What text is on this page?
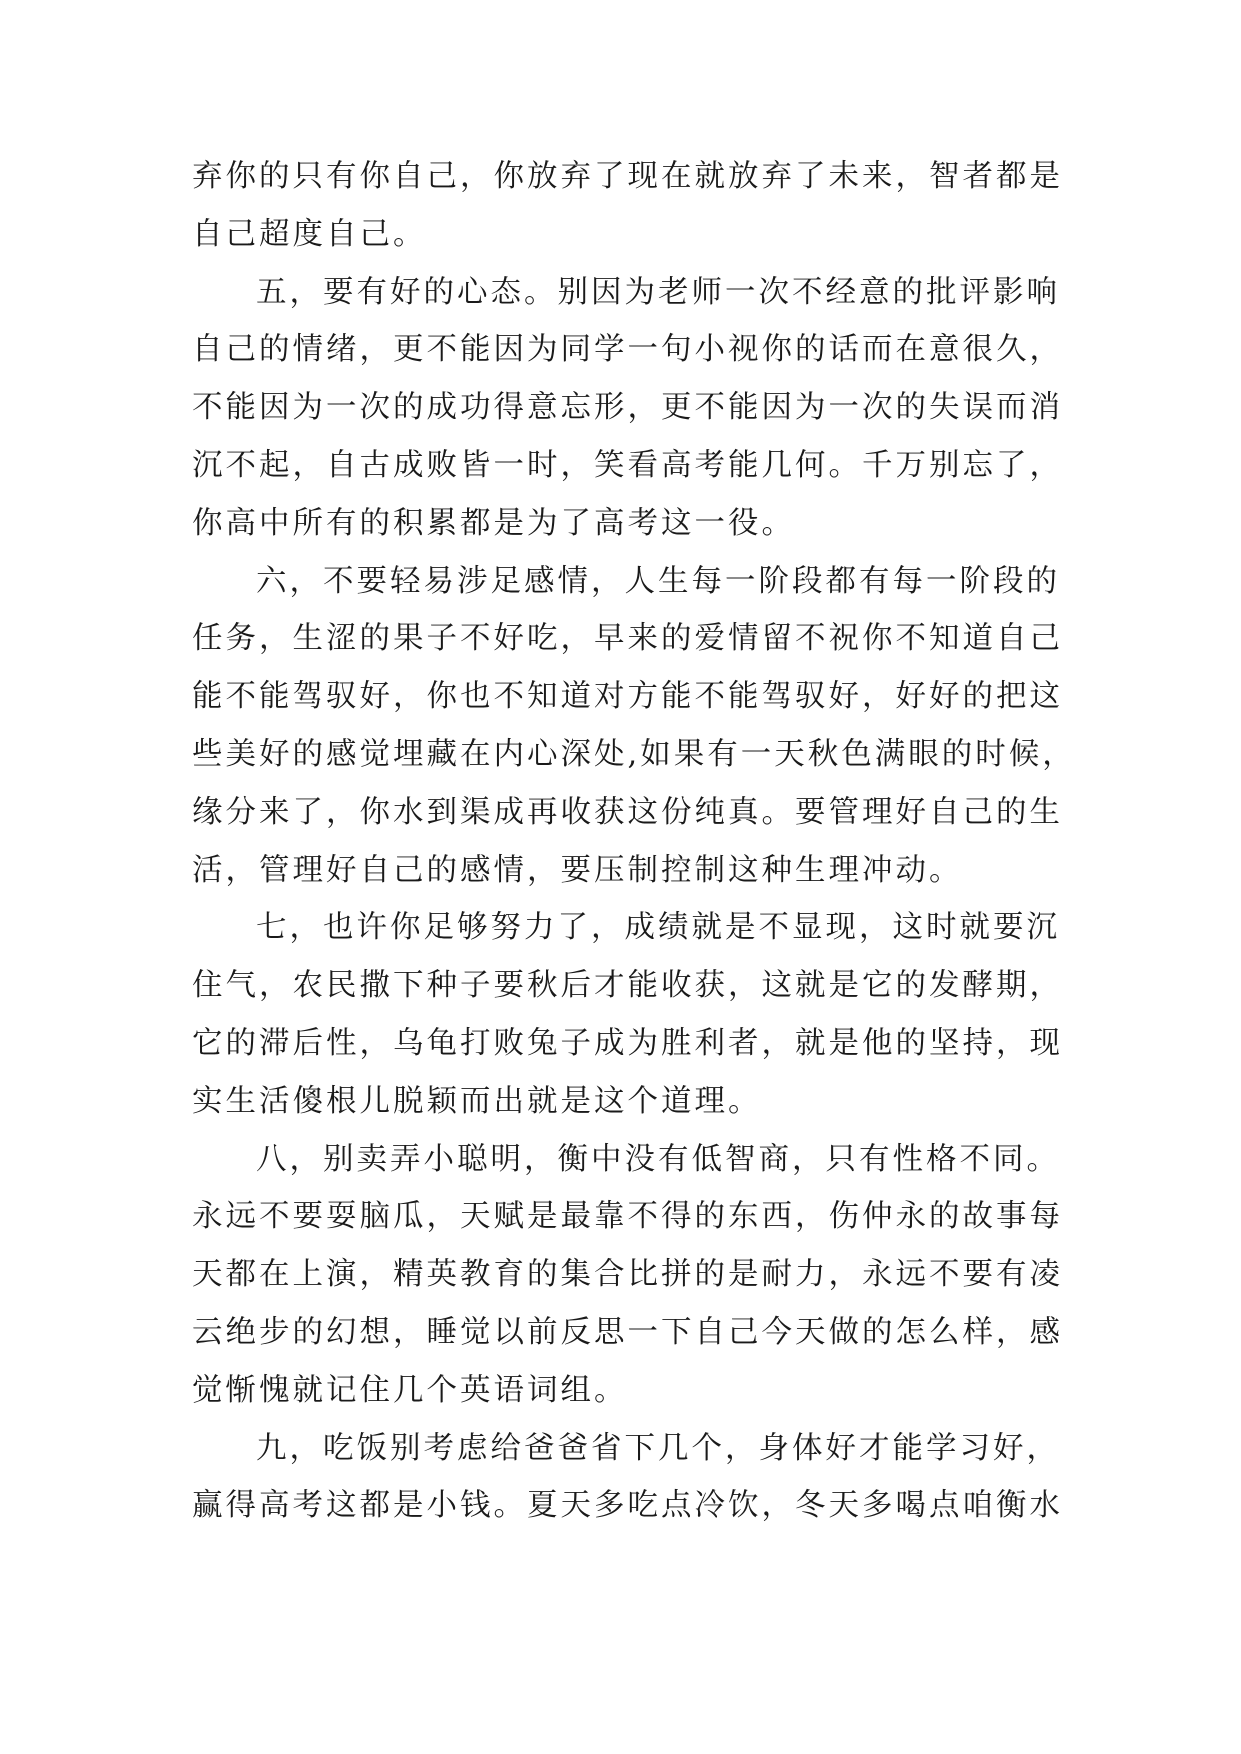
弃你的只有你自己，你放弃了现在就放弃了未来，智者都是
自己超度自己。

五，要有好的心态。别因为老师一次不经意的批评影响
自己的情绪，更不能因为同学一句小视你的话而在意很久，
不能因为一次的成功得意忘形，更不能因为一次的失误而消
沉不起，自古成败皆一时，笑看高考能几何。千万别忘了，
你高中所有的积累都是为了高考这一役。

六，不要轻易涉足感情，人生每一阶段都有每一阶段的
任务，生涩的果子不好吃，早来的爱情留不祝你不知道自己
能不能驾驭好，你也不知道对方能不能驾驭好，好好的把这
些美好的感觉埋藏在内心深处,如果有一天秋色满眼的时候，
缘分来了，你水到渠成再收获这份纯真。要管理好自己的生
活，管理好自己的感情，要压制控制这种生理冲动。

七，也许你足够努力了，成绩就是不显现，这时就要沉
住气，农民撒下种子要秋后才能收获，这就是它的发酵期，
它的滞后性，乌龟打败兔子成为胜利者，就是他的坚持，现
实生活傻根儿脱颖而出就是这个道理。

八，别卖弄小聪明，衡中没有低智商，只有性格不同。
永远不要耍脑瓜，天赋是最靠不得的东西，伤仲永的故事每
天都在上演，精英教育的集合比拼的是耐力，永远不要有凌
云绝步的幻想，睡觉以前反思一下自己今天做的怎么样，感
觉惭愧就记住几个英语词组。

九，吃饭别考虑给爸爸省下几个，身体好才能学习好，
赢得高考这都是小钱。夏天多吃点冷饮，冬天多喝点咱衡水
